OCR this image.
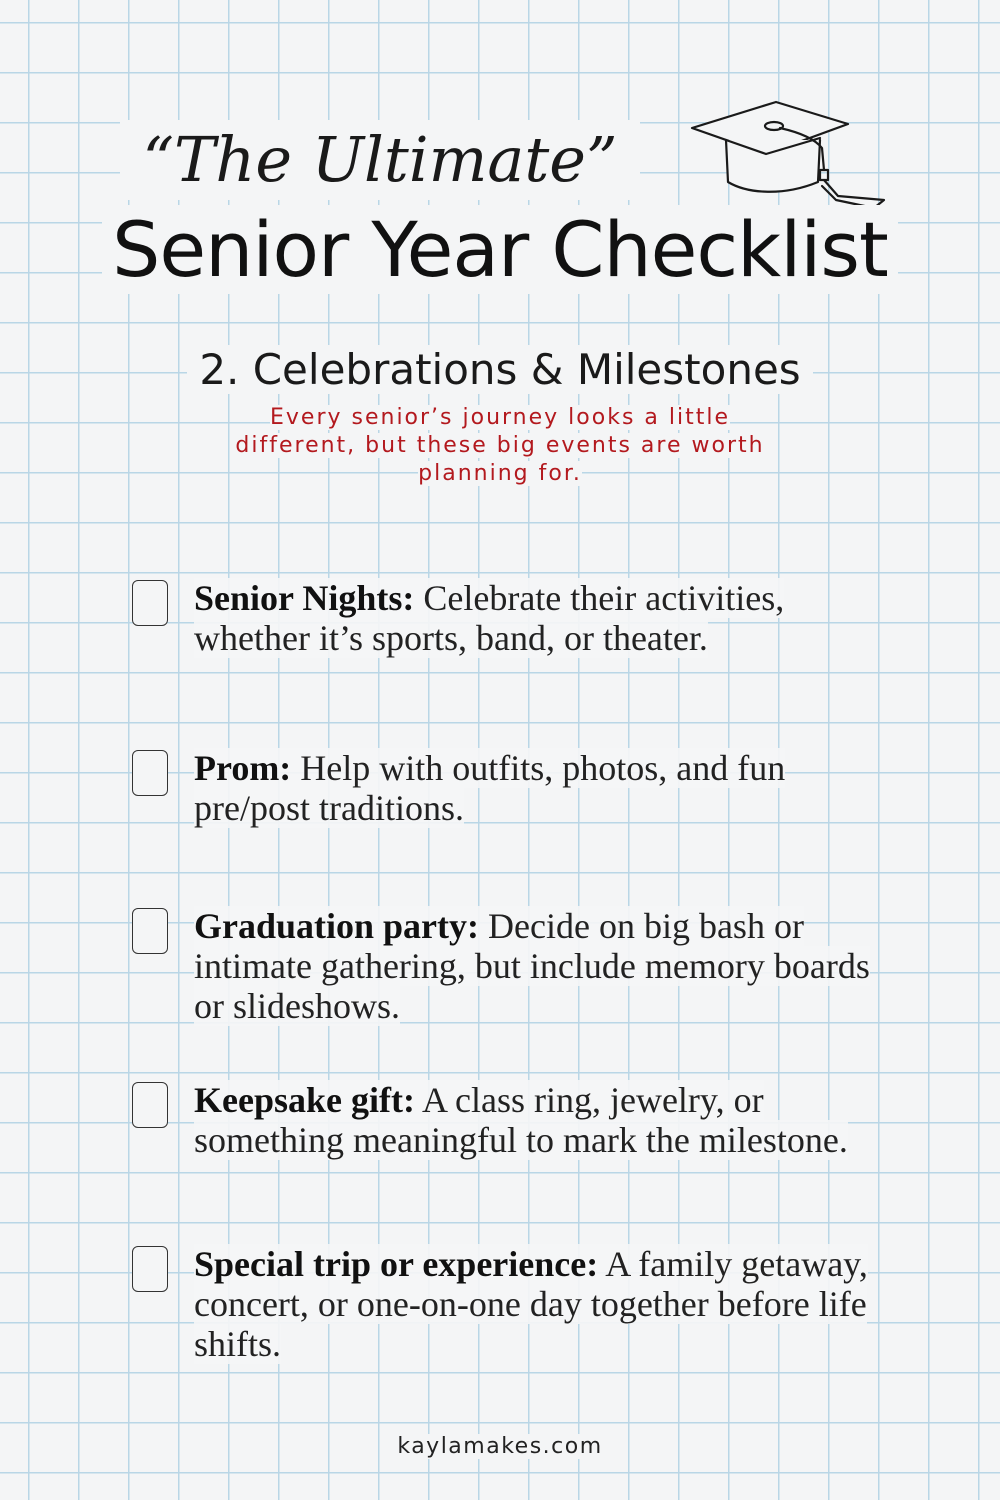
“The Ultimate”
Senior Year Checklist
2. Celebrations & Milestones
Every senior’s journey looks a little different, but these big events are worth planning for.
Senior Nights: Celebrate their activities, whether it’s sports, band, or theater.
Prom: Help with outfits, photos, and fun pre/post traditions.
Graduation party: Decide on big bash or intimate gathering, but include memory boards or slideshows.
Keepsake gift: A class ring, jewelry, or something meaningful to mark the milestone.
Special trip or experience: A family getaway, concert, or one-on-one day together before life shifts.
kaylamakes.com
